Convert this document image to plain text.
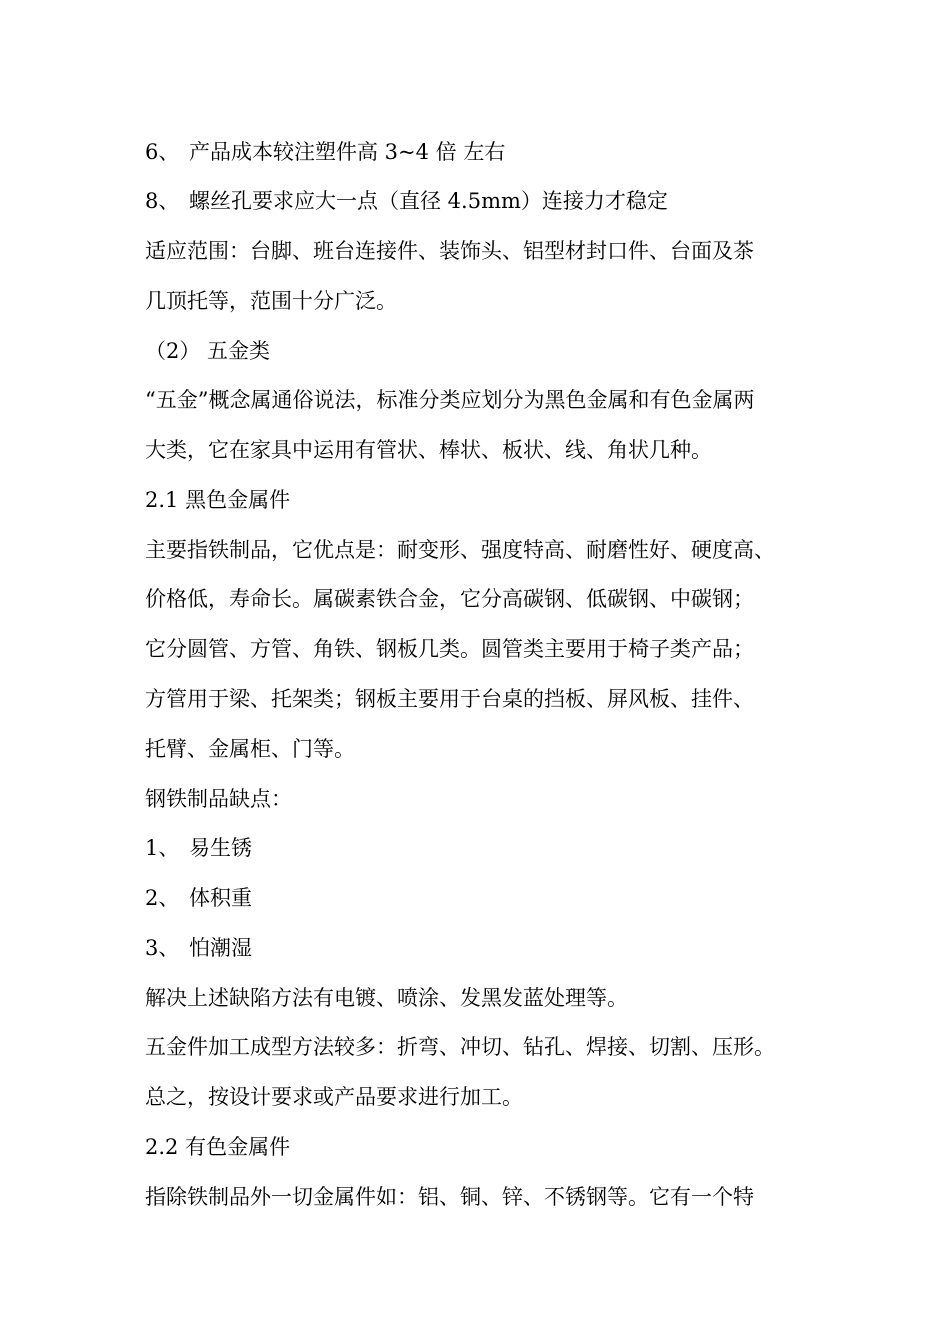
6、 产品成本较注塑件高 3~4 倍 左右
8、 螺丝孔要求应大一点（直径 4.5mm）连接力才稳定
适应范围：台脚、班台连接件、装饰头、铝型材封口件、台面及茶
几顶托等，范围十分广泛。
（2） 五金类
“五金”概念属通俗说法，标准分类应划分为黑色金属和有色金属两
大类，它在家具中运用有管状、棒状、板状、线、角状几种。
2.1 黑色金属件
主要指铁制品，它优点是：耐变形、强度特高、耐磨性好、硬度高、
价格低，寿命长。属碳素铁合金，它分高碳钢、低碳钢、中碳钢；
它分圆管、方管、角铁、钢板几类。圆管类主要用于椅子类产品；
方管用于梁、托架类；钢板主要用于台桌的挡板、屏风板、挂件、
托臂、金属柜、门等。
钢铁制品缺点：
1、 易生锈
2、 体积重
3、 怕潮湿
解决上述缺陷方法有电镀、喷涂、发黑发蓝处理等。
五金件加工成型方法较多：折弯、冲切、钻孔、焊接、切割、压形。
总之，按设计要求或产品要求进行加工。
2.2 有色金属件
指除铁制品外一切金属件如：铝、铜、锌、不锈钢等。它有一个特
